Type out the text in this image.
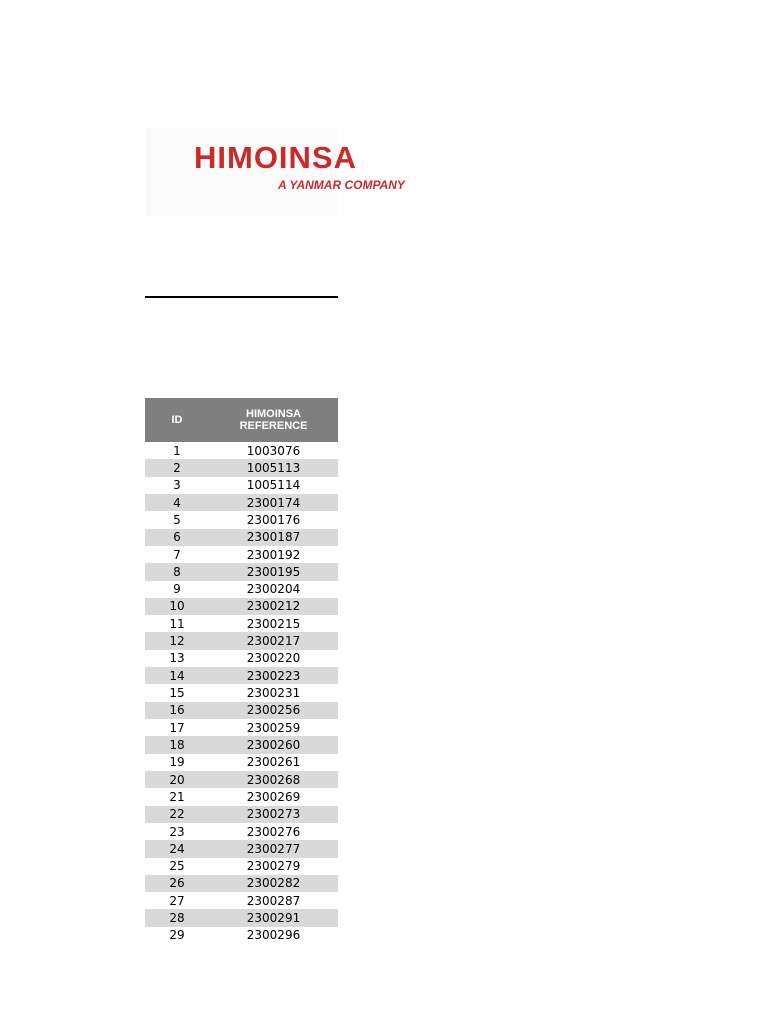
HIMOINSA
A YANMAR COMPANY
ID	HIMOINSA REFERENCE
1	1003076
2	1005113
3	1005114
4	2300174
5	2300176
6	2300187
7	2300192
8	2300195
9	2300204
10	2300212
11	2300215
12	2300217
13	2300220
14	2300223
15	2300231
16	2300256
17	2300259
18	2300260
19	2300261
20	2300268
21	2300269
22	2300273
23	2300276
24	2300277
25	2300279
26	2300282
27	2300287
28	2300291
29	2300296
